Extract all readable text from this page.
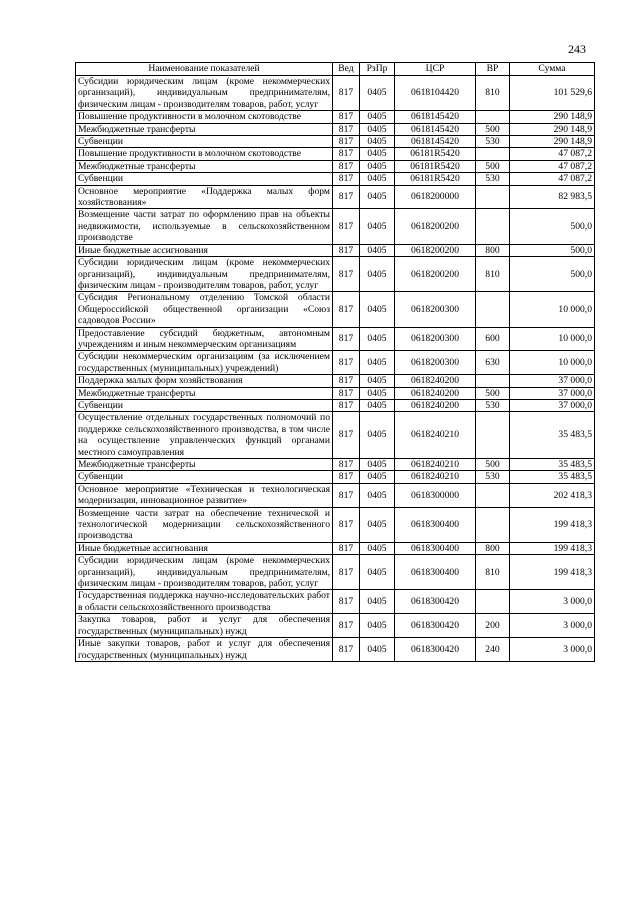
243
Наименование показателей	Вед	РзПр	ЦСР	ВР	Сумма
Субсидии юридическим лицам (кроме некоммерческих организаций), индивидуальным предпринимателям, физическим лицам - производителям товаров, работ, услуг	817	0405	0618104420	810	101 529,6
Повышение продуктивности в молочном скотоводстве	817	0405	0618145420		290 148,9
Межбюджетные трансферты	817	0405	0618145420	500	290 148,9
Субвенции	817	0405	0618145420	530	290 148,9
Повышение продуктивности в молочном скотоводстве	817	0405	06181R5420		47 087,2
Межбюджетные трансферты	817	0405	06181R5420	500	47 087,2
Субвенции	817	0405	06181R5420	530	47 087,2
Основное мероприятие «Поддержка малых форм хозяйствования»	817	0405	0618200000		82 983,5
Возмещение части затрат по оформлению прав на объекты недвижимости, используемые в сельскохозяйственном производстве	817	0405	0618200200		500,0
Иные бюджетные ассигнования	817	0405	0618200200	800	500,0
Субсидии юридическим лицам (кроме некоммерческих организаций), индивидуальным предпринимателям, физическим лицам - производителям товаров, работ, услуг	817	0405	0618200200	810	500,0
Субсидия Региональному отделению Томской области Общероссийской общественной организации «Союз садоводов России»	817	0405	0618200300		10 000,0
Предоставление субсидий бюджетным, автономным учреждениям и иным некоммерческим организациям	817	0405	0618200300	600	10 000,0
Субсидии некоммерческим организациям (за исключением государственных (муниципальных) учреждений)	817	0405	0618200300	630	10 000,0
Поддержка малых форм хозяйствования	817	0405	0618240200		37 000,0
Межбюджетные трансферты	817	0405	0618240200	500	37 000,0
Субвенции	817	0405	0618240200	530	37 000,0
Осуществление отдельных государственных полномочий по поддержке сельскохозяйственного производства, в том числе на осуществление управленческих функций органами местного самоуправления	817	0405	0618240210		35 483,5
Межбюджетные трансферты	817	0405	0618240210	500	35 483,5
Субвенции	817	0405	0618240210	530	35 483,5
Основное мероприятие «Техническая и технологическая модернизация, инновационное развитие»	817	0405	0618300000		202 418,3
Возмещение части затрат на обеспечение технической и технологической модернизации сельскохозяйственного производства	817	0405	0618300400		199 418,3
Иные бюджетные ассигнования	817	0405	0618300400	800	199 418,3
Субсидии юридическим лицам (кроме некоммерческих организаций), индивидуальным предпринимателям, физическим лицам - производителям товаров, работ, услуг	817	0405	0618300400	810	199 418,3
Государственная поддержка научно-исследовательских работ в области сельскохозяйственного производства	817	0405	0618300420		3 000,0
Закупка товаров, работ и услуг для обеспечения государственных (муниципальных) нужд	817	0405	0618300420	200	3 000,0
Иные закупки товаров, работ и услуг для обеспечения государственных (муниципальных) нужд	817	0405	0618300420	240	3 000,0
